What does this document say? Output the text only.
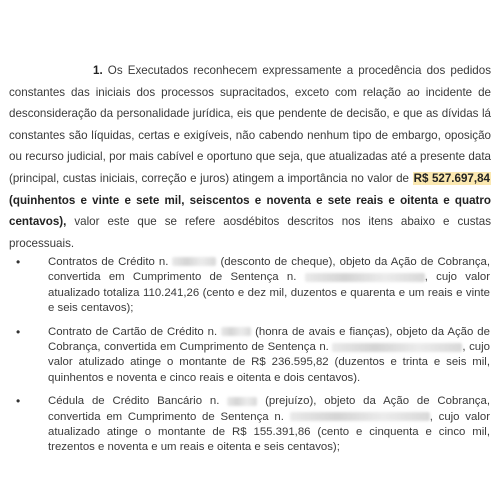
1. Os Executados reconhecem expressamente a procedência dos pedidos constantes das iniciais dos processos supracitados, exceto com relação ao incidente de desconsideração da personalidade jurídica, eis que pendente de decisão, e que as dívidas lá constantes são líquidas, certas e exigíveis, não cabendo nenhum tipo de embargo, oposição ou recurso judicial, por mais cabível e oportuno que seja, que atualizadas até a presente data (principal, custas iniciais, correção e juros) atingem a importância no valor de R$ 527.697,84 (quinhentos e vinte e sete mil, seiscentos e noventa e sete reais e oitenta e quatro centavos), valor este que se refere aosdébitos descritos nos itens abaixo e custas processuais.

• Contratos de Crédito n.	(desconto de cheque), objeto da Ação de Cobrança, convertida em Cumprimento de Sentença n.	, cujo valor atualizado totaliza 110.241,26 (cento e dez mil, duzentos e quarenta e um reais e vinte e seis centavos);
• Contrato de Cartão de Crédito n.	(honra de avais e fianças), objeto da Ação de Cobrança, convertida em Cumprimento de Sentença n.	, cujo valor atulizado atinge o montante de R$ 236.595,82 (duzentos e trinta e seis mil, quinhentos e noventa e cinco reais e oitenta e dois centavos).
• Cédula de Crédito Bancário n.	(prejuízo), objeto da Ação de Cobrança, convertida em Cumprimento de Sentença n.	, cujo valor atualizado atinge o montante de R$ 155.391,86 (cento e cinquenta e cinco mil, trezentos e noventa e um reais e oitenta e seis centavos);
